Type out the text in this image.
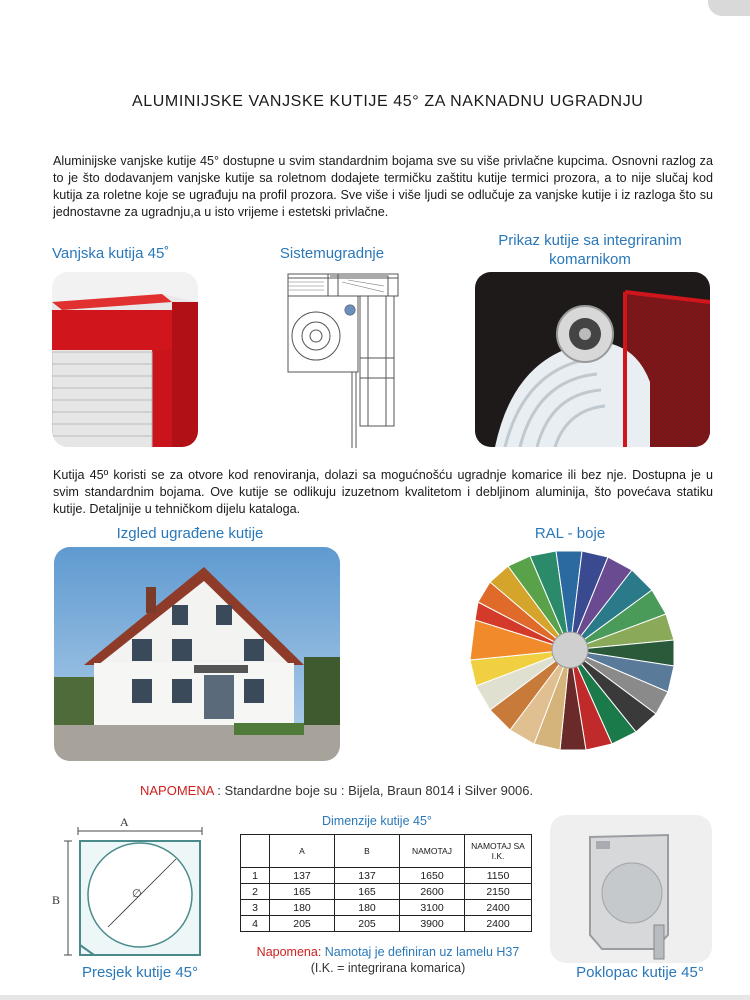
ALUMINIJSKE VANJSKE KUTIJE 45° ZA NAKNADNU UGRADNJU

Aluminijske vanjske kutije 45° dostupne u svim standardnim bojama sve su više privlačne kupcima. Osnovni razlog za to je što dodavanjem vanjske kutije sa roletnom dodajete termičku zaštitu kutije termici prozora, a to nije slučaj kod kutija za roletne koje se ugrađuju na profil prozora. Sve više i više ljudi se odlučuje za vanjske kutije i iz razloga što su jednostavne za ugradnju,a u isto vrijeme i estetski privlačne.

Vanjska kutija 45˚	Sistemugradnje
Prikaz kutije sa integriranim komarnikom

Kutija 45º koristi se za otvore kod renoviranja, dolazi sa mogućnošću ugradnje komarice ili bez nje. Dostupna je u svim standardnim bojama. Ove kutije se odlikuju izuzetnom kvalitetom i debljinom aluminija, što povećava statiku kutije. Detaljnije u tehničkom dijelu kataloga.

Izgled ugrađene kutije	RAL - boje
NAPOMENA : Standardne boje su : Bijela, Braun 8014 i Silver 9006.
A
B	∅
Presjek kutije 45°
Dimenzije kutije 45°
	A	B	NAMOTAJ	NAMOTAJ SA I.K.
1	137	137	1650	1150
2	165	165	2600	2150
3	180	180	3100	2400
4	205	205	3900	2400
Napomena: Namotaj je definiran uz lamelu H37
(I.K. = integrirana komarica)	Poklopac kutije 45°
